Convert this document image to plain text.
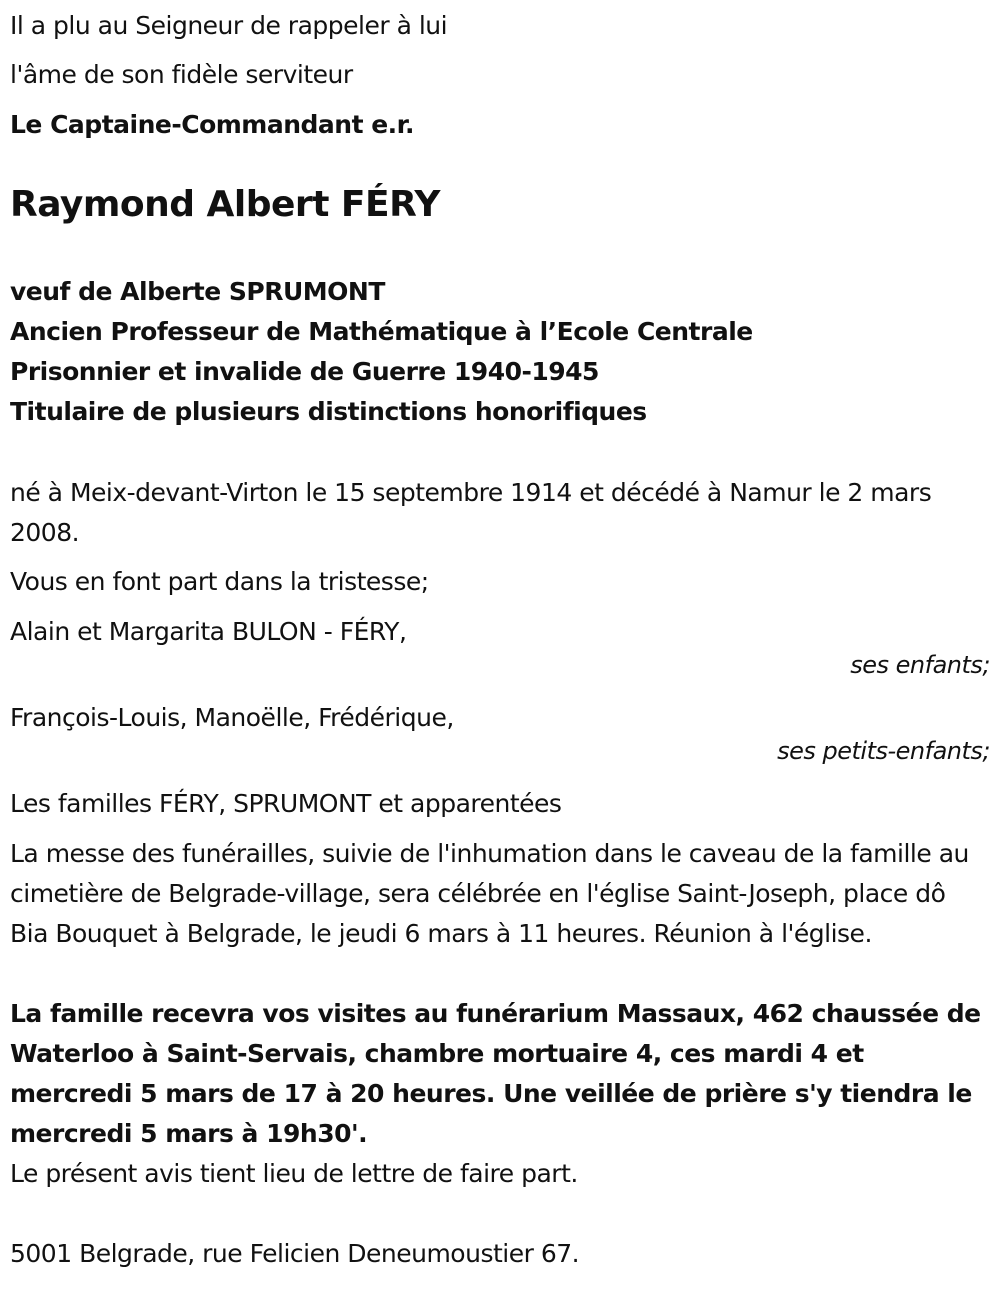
Il a plu au Seigneur de rappeler à lui
l'âme de son fidèle serviteur
Le Captaine-Commandant e.r.
Raymond Albert FÉRY
veuf de Alberte SPRUMONT
Ancien Professeur de Mathématique à l’Ecole Centrale
Prisonnier et invalide de Guerre 1940-1945
Titulaire de plusieurs distinctions honorifiques
né à Meix-devant-Virton le 15 septembre 1914 et décédé à Namur le 2 mars 2008.
Vous en font part dans la tristesse;
Alain et Margarita BULON - FÉRY,
ses enfants;
François-Louis, Manoëlle, Frédérique,
ses petits-enfants;
Les familles FÉRY, SPRUMONT et apparentées
La messe des funérailles, suivie de l'inhumation dans le caveau de la famille au cimetière de Belgrade-village, sera célébrée en l'église Saint-Joseph, place dô Bia Bouquet à Belgrade, le jeudi 6 mars à 11 heures. Réunion à l'église.
La famille recevra vos visites au funérarium Massaux, 462 chaussée de Waterloo à Saint-Servais, chambre mortuaire 4, ces mardi 4 et mercredi 5 mars de 17 à 20 heures. Une veillée de prière s'y tiendra le mercredi 5 mars à 19h30'.
Le présent avis tient lieu de lettre de faire part.
5001 Belgrade, rue Felicien Deneumoustier 67.
